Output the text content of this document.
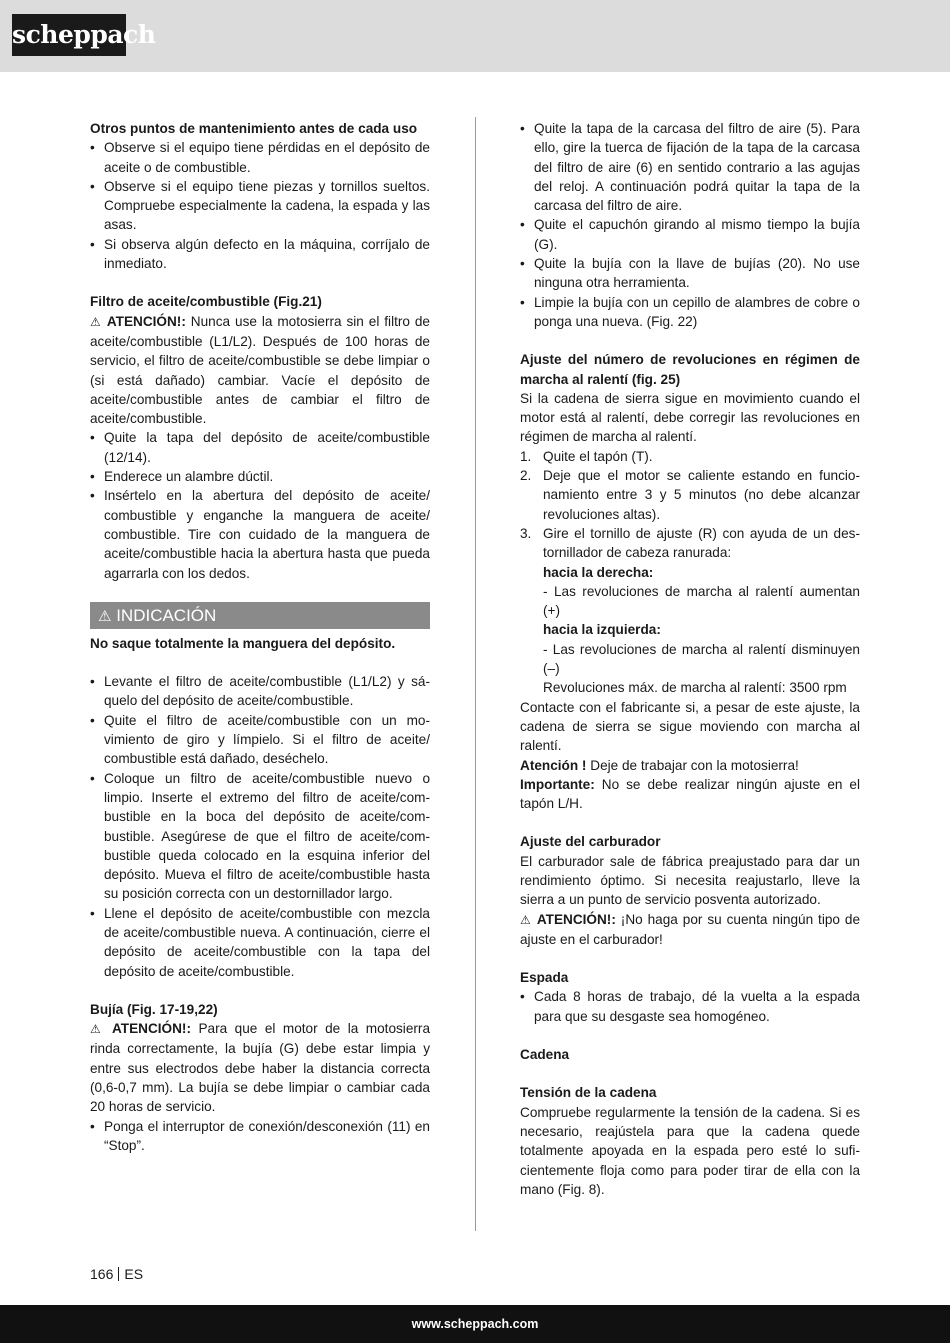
scheppach

Otros puntos de mantenimiento antes de cada uso

• Observe si el equipo tiene pérdidas en el depósito de aceite o de combustible.
• Observe si el equipo tiene piezas y tornillos sueltos. Compruebe especialmente la cadena, la espada y las asas.
• Si observa algún defecto en la máquina, corríjalo de inmediato.

Filtro de aceite/combustible (Fig.21)

⚠ ATENCIÓN!: Nunca use la motosierra sin el filtro de aceite/combustible (L1/L2). Después de 100 horas de servicio, el filtro de aceite/combustible se debe limpiar o (si está dañado) cambiar. Vacíe el depósito de aceite/combustible antes de cambiar el filtro de aceite/combustible.

• Quite la tapa del depósito de aceite/combustible (12/14).
• Enderece un alambre dúctil.
• Insértelo en la abertura del depósito de aceite/ combustible y enganche la manguera de aceite/ combustible. Tire con cuidado de la manguera de aceite/combustible hacia la abertura hasta que pueda agarrarla con los dedos.
⚠ INDICACIÓN

No saque totalmente la manguera del depósito.

• Levante el filtro de aceite/combustible (L1/L2) y sáquelo del depósito de aceite/combustible.
• Quite el filtro de aceite/combustible con un movimiento de giro y límpielo. Si el filtro de aceite/ combustible está dañado, deséchelo.
• Coloque un filtro de aceite/combustible nuevo o limpio. Inserte el extremo del filtro de aceite/combustible en la boca del depósito de aceite/combustible. Asegúrese de que el filtro de aceite/combustible queda colocado en la esquina inferior del depósito. Mueva el filtro de aceite/combustible hasta su posición correcta con un destornillador largo.
• Llene el depósito de aceite/combustible con mezcla de aceite/combustible nueva. A continuación, cierre el depósito de aceite/combustible con la tapa del depósito de aceite/combustible.

Bujía (Fig. 17-19,22)

⚠ ATENCIÓN!: Para que el motor de la motosierra rinda correctamente, la bujía (G) debe estar limpia y entre sus electrodos debe haber la distancia correcta (0,6-0,7 mm). La bujía se debe limpiar o cambiar cada 20 horas de servicio.

• Ponga el interruptor de conexión/desconexión (11) en “Stop”.
• Quite la tapa de la carcasa del filtro de aire (5). Para ello, gire la tuerca de fijación de la tapa de la carcasa del filtro de aire (6) en sentido contrario a las agujas del reloj. A continuación podrá quitar la tapa de la carcasa del filtro de aire.
• Quite el capuchón girando al mismo tiempo la bujía (G).
• Quite la bujía con la llave de bujías (20). No use ninguna otra herramienta.
• Limpie la bujía con un cepillo de alambres de cobre o ponga una nueva. (Fig. 22)

Ajuste del número de revoluciones en régimen de marcha al ralentí (fig. 25)

Si la cadena de sierra sigue en movimiento cuando el motor está al ralentí, debe corregir las revoluciones en régimen de marcha al ralentí.

1. Quite el tapón (T).
2. Deje que el motor se caliente estando en funcionamiento entre 3 y 5 minutos (no debe alcanzar revoluciones altas).
3. Gire el tornillo de ajuste (R) con ayuda de un destornillador de cabeza ranurada:
hacia la derecha:
- Las revoluciones de marcha al ralentí aumentan (+)
hacia la izquierda:
- Las revoluciones de marcha al ralentí disminuyen (–)
Revoluciones máx. de marcha al ralentí: 3500 rpm

Contacte con el fabricante si, a pesar de este ajuste, la cadena de sierra se sigue moviendo con marcha al ralentí.

Atención ! Deje de trabajar con la motosierra!

Importante: No se debe realizar ningún ajuste en el tapón L/H.

Ajuste del carburador

El carburador sale de fábrica preajustado para dar un rendimiento óptimo. Si necesita reajustarlo, lleve la sierra a un punto de servicio posventa autorizado.

⚠ ATENCIÓN!: ¡No haga por su cuenta ningún tipo de ajuste en el carburador!

Espada

• Cada 8 horas de trabajo, dé la vuelta a la espada para que su desgaste sea homogéneo.

Cadena

Tensión de la cadena

Compruebe regularmente la tensión de la cadena. Si es necesario, reajústela para que la cadena quede totalmente apoyada en la espada pero esté lo suficientemente floja como para poder tirar de ella con la mano (Fig. 8).

166 ES
www.scheppach.com
